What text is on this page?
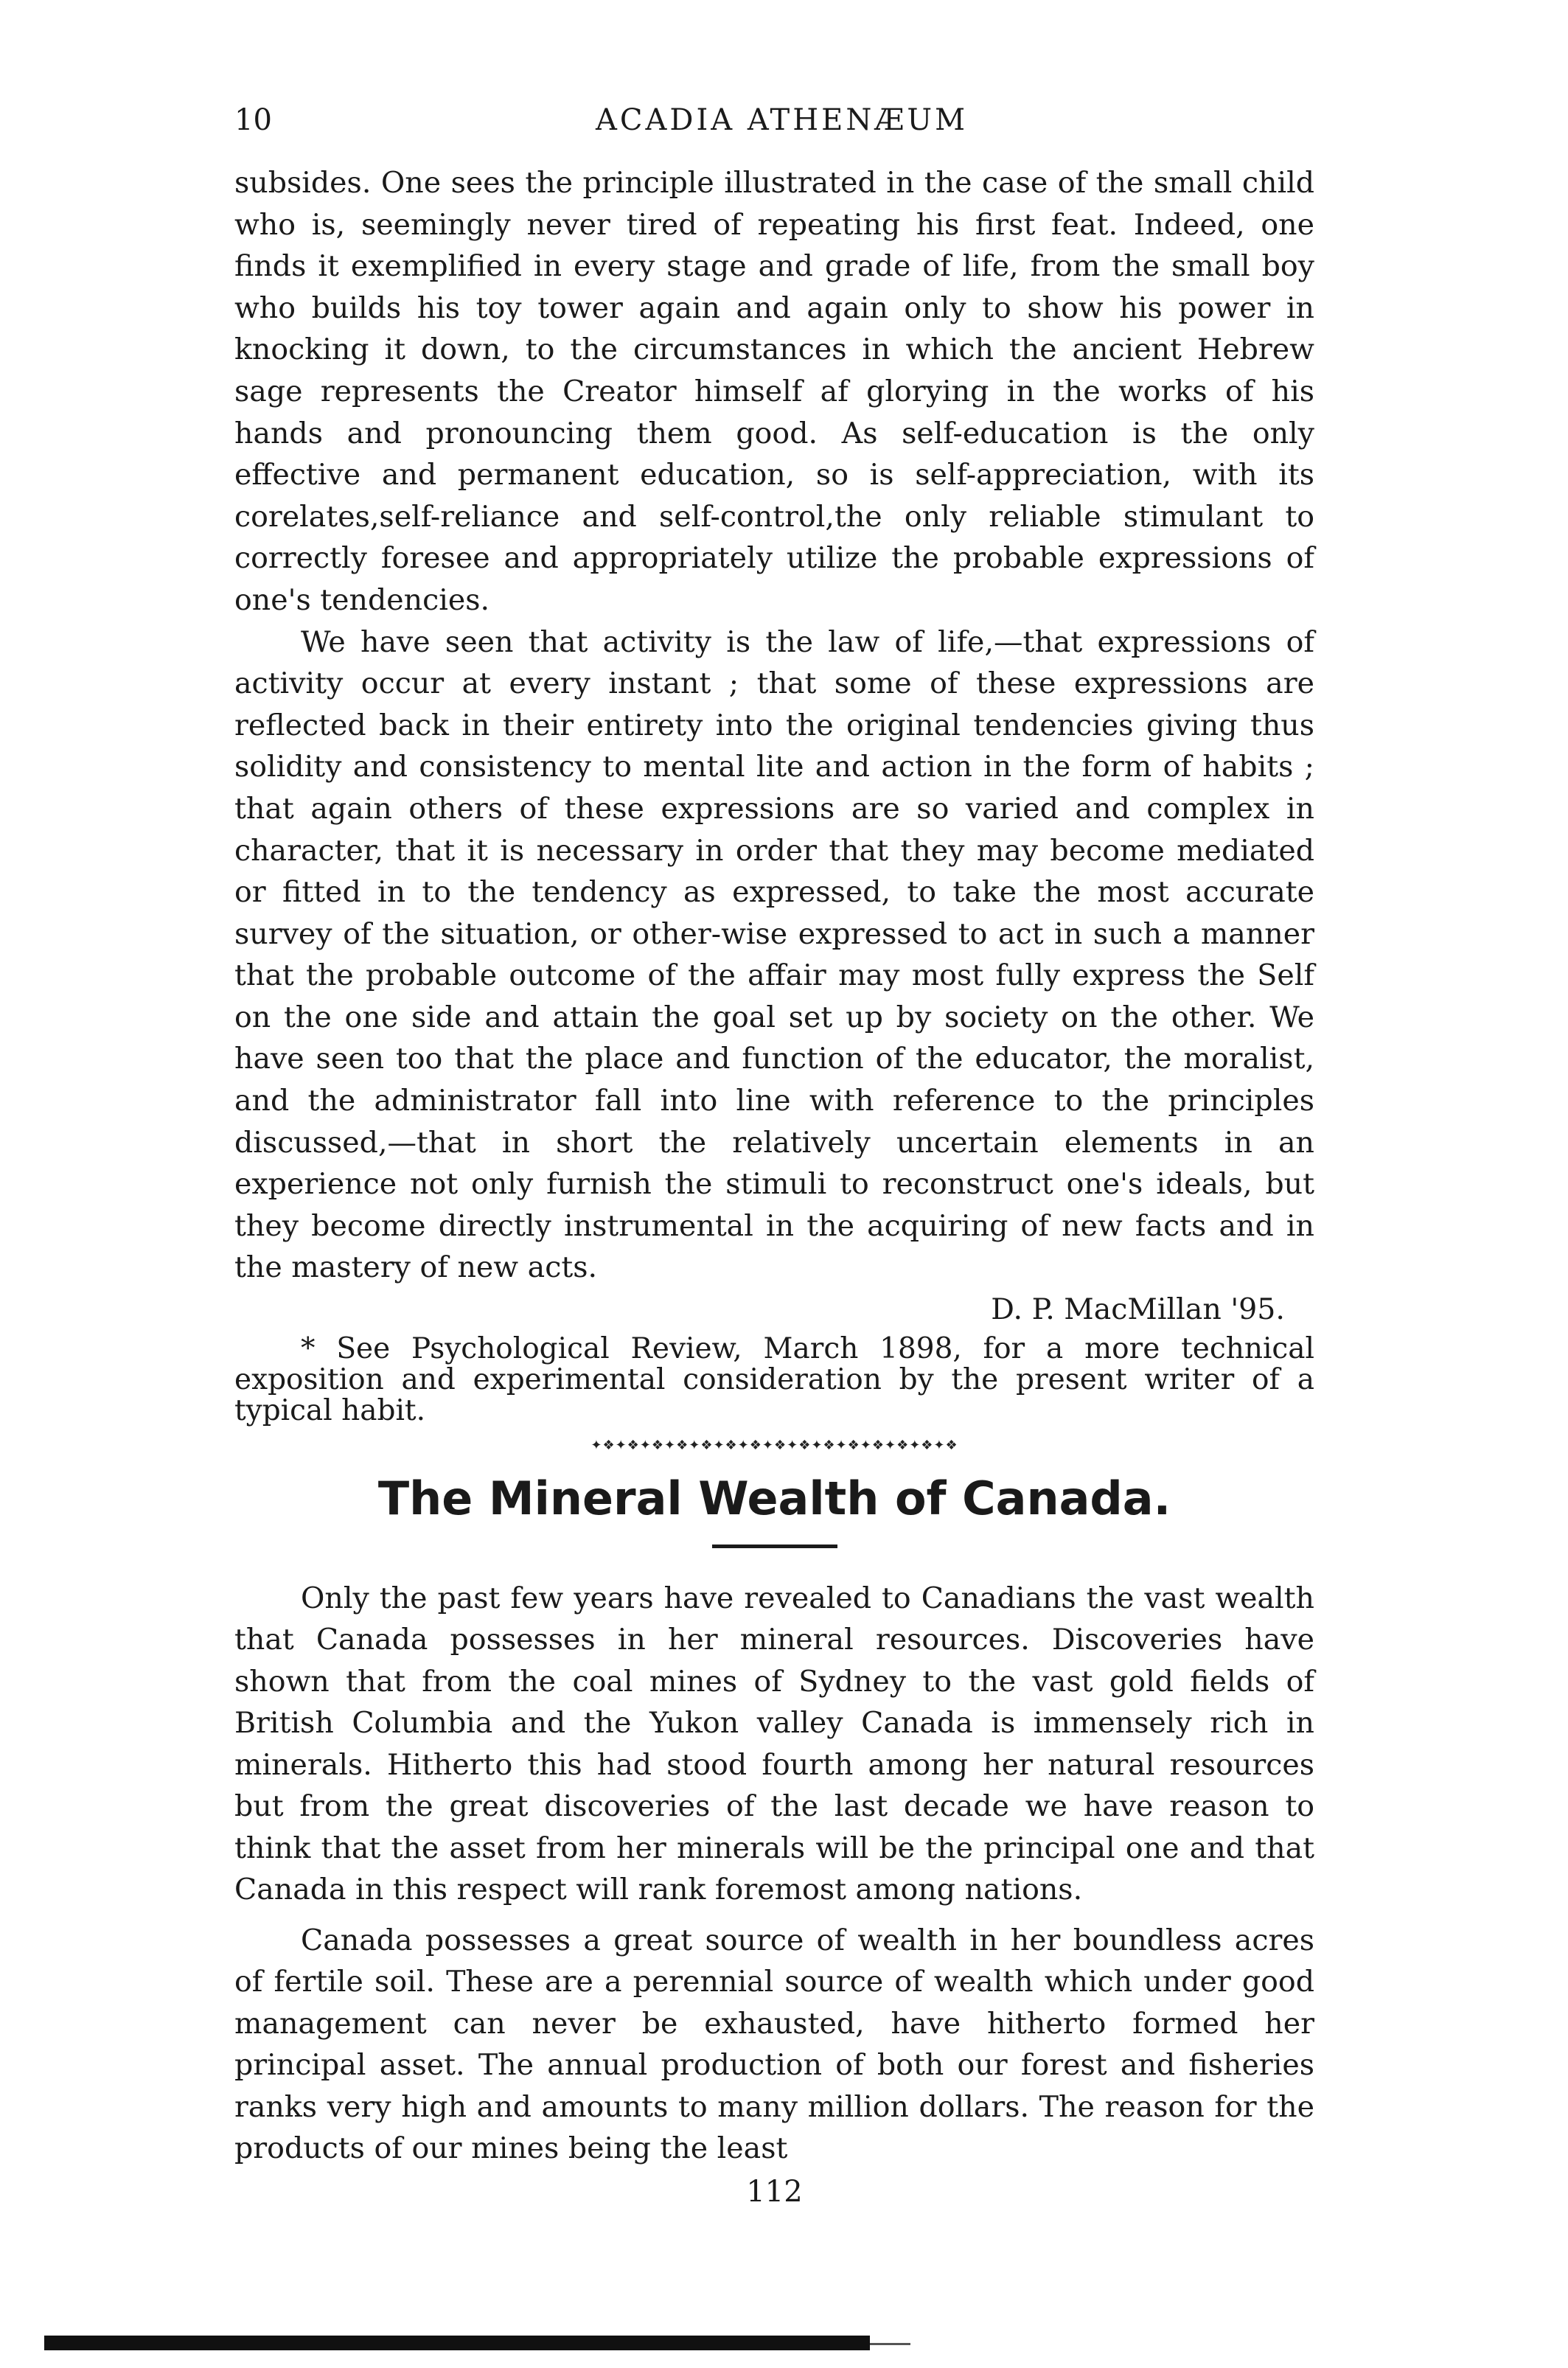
10	ACADIA ATHENÆUM

subsides. One sees the principle illustrated in the case of the small child who is, seemingly never tired of repeating his first feat. Indeed, one finds it exemplified in every stage and grade of life, from the small boy who builds his toy tower again and again only to show his power in knocking it down, to the circumstances in which the ancient Hebrew sage represents the Creator himself af glorying in the works of his hands and pronouncing them good. As self-education is the only effective and permanent education, so is self-appreciation, with its corelates,self-reliance and self-control,the only reliable stimulant to correctly foresee and appropriately utilize the probable expressions of one's tendencies.

We have seen that activity is the law of life,—that expressions of activity occur at every instant ; that some of these expressions are reflected back in their entirety into the original tendencies giving thus solidity and consistency to mental lite and action in the form of habits ; that again others of these expressions are so varied and complex in character, that it is necessary in order that they may become mediated or fitted in to the tendency as expressed, to take the most accurate survey of the situation, or other-wise expressed to act in such a manner that the probable outcome of the affair may most fully express the Self on the one side and attain the goal set up by society on the other. We have seen too that the place and function of the educator, the moralist, and the administrator fall into line with reference to the principles discussed,—that in short the relatively uncertain elements in an experience not only furnish the stimuli to reconstruct one's ideals, but they become directly instrumental in the acquiring of new facts and in the mastery of new acts.

D. P. MacMillan '95.

* See Psychological Review, March 1898, for a more technical exposition and experimental consideration by the present writer of a typical habit.

✦❖✦❖✦❖✦❖✦❖✦❖✦❖✦❖✦❖✦❖✦❖✦❖✦❖✦❖✦❖
The Mineral Wealth of Canada.

Only the past few years have revealed to Canadians the vast wealth that Canada possesses in her mineral resources. Discoveries have shown that from the coal mines of Sydney to the vast gold fields of British Columbia and the Yukon valley Canada is immensely rich in minerals. Hitherto this had stood fourth among her natural resources but from the great discoveries of the last decade we have reason to think that the asset from her minerals will be the principal one and that Canada in this respect will rank foremost among nations.

Canada possesses a great source of wealth in her boundless acres of fertile soil. These are a perennial source of wealth which under good management can never be exhausted, have hitherto formed her principal asset. The annual production of both our forest and fisheries ranks very high and amounts to many million dollars. The reason for the products of our mines being the least

112
